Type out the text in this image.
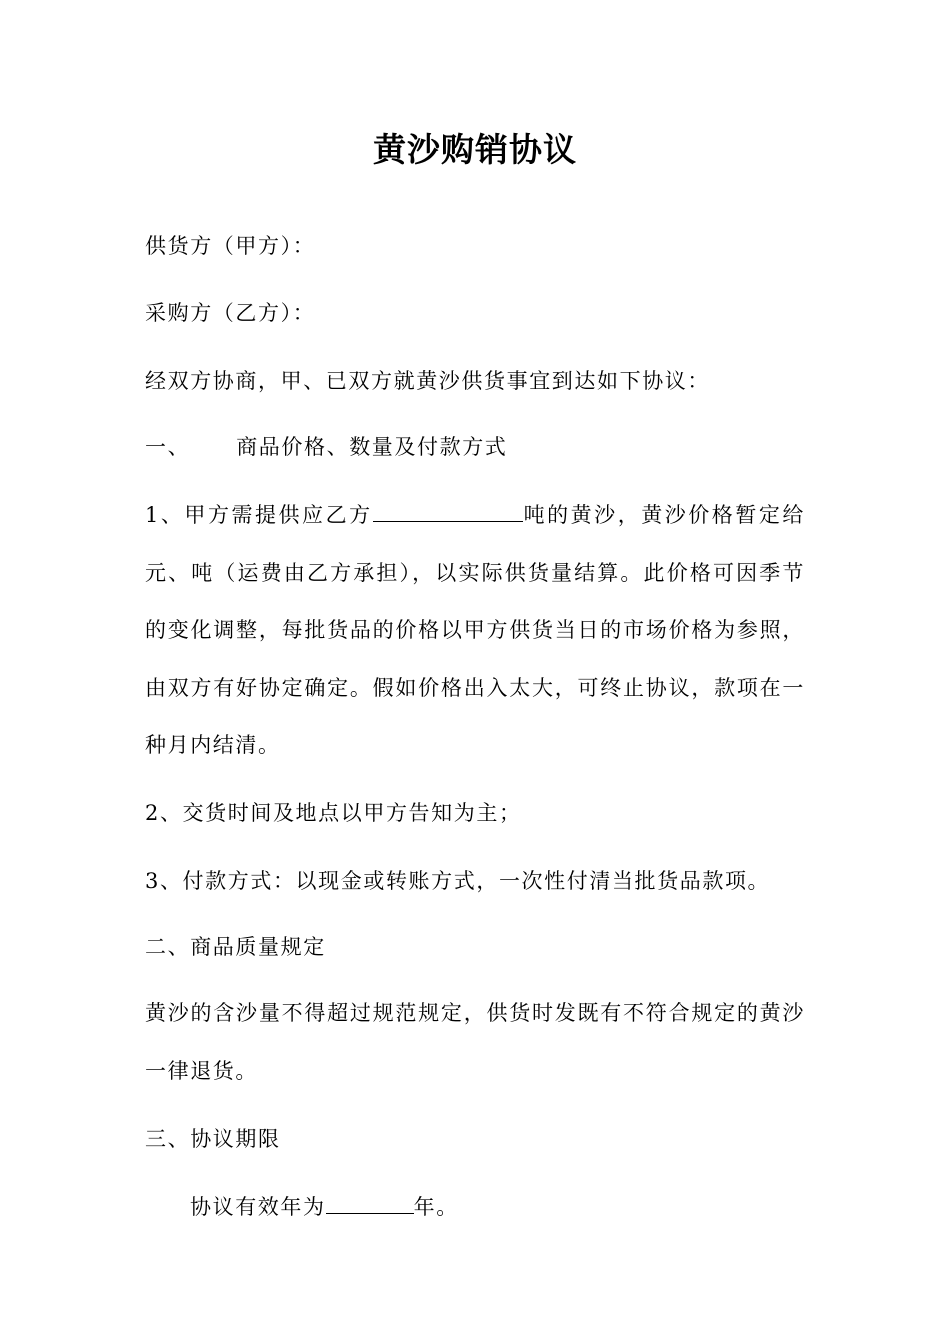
黄沙购销协议
供货方（甲方）：
采购方（乙方）：
经双方协商，甲、已双方就黄沙供货事宜到达如下协议：
一、 商品价格、数量及付款方式
1、甲方需提供应乙方	吨的黄沙，黄沙价格暂定给元、吨（运费由乙方承担），以实际供货量结算。此价格可因季节的变化调整，每批货品的价格以甲方供货当日的市场价格为参照，由双方有好协定确定。假如价格出入太大，可终止协议，款项在一种月内结清。
2、交货时间及地点以甲方告知为主；
3、付款方式：以现金或转账方式，一次性付清当批货品款项。
二、商品质量规定
黄沙的含沙量不得超过规范规定，供货时发既有不符合规定的黄沙一律退货。
三、协议期限
协议有效年为	年。
